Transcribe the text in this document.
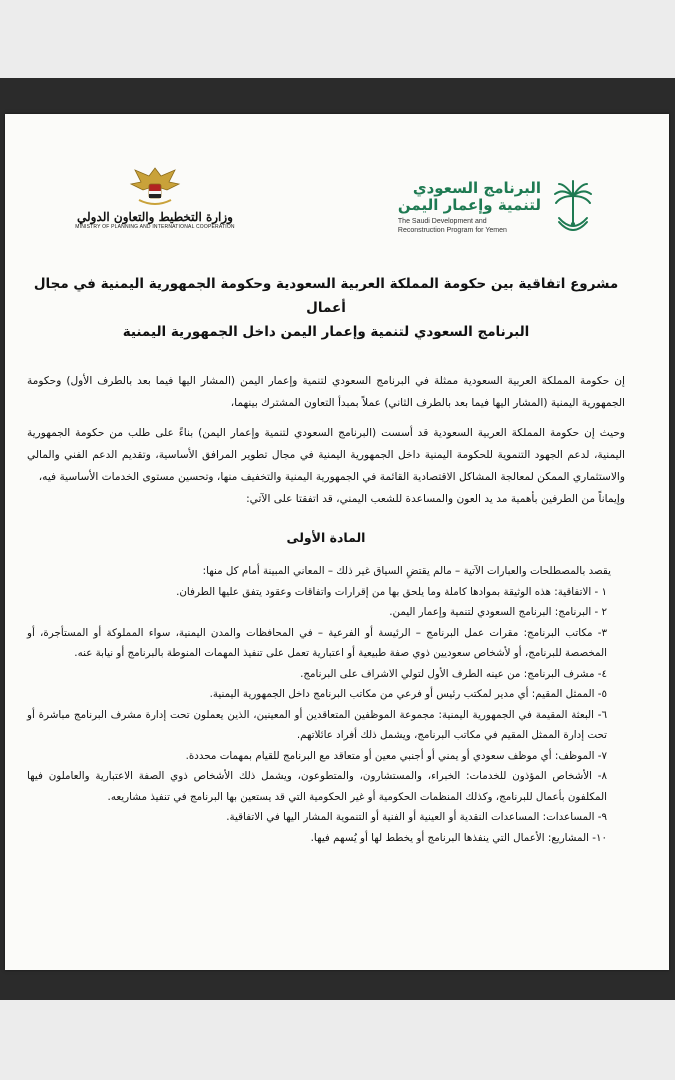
البرنامج السعودي
لتنمية وإعمار اليمن
The Saudi Development and
Reconstruction Program for Yemen
وزارة التخطيط والتعاون الدولي
MINISTRY OF PLANNING AND INTERNATIONAL COOPERATION

مشروع اتفاقية بين حكومة المملكة العربية السعودية وحكومة الجمهورية اليمنية في مجال أعمال

البرنامج السعودي لتنمية وإعمار اليمن داخل الجمهورية اليمنية

إن حكومة المملكة العربية السعودية ممثلة في البرنامج السعودي لتنمية وإعمار اليمن (المشار اليها فيما بعد بالطرف الأول) وحكومة الجمهورية اليمنية (المشار اليها فيما بعد بالطرف الثاني) عملاً بمبدأ التعاون المشترك بينهما،

وحيث إن حكومة المملكة العربية السعودية قد أسست (البرنامج السعودي لتنمية وإعمار اليمن) بناءً على طلب من حكومة الجمهورية اليمنية، لدعم الجهود التنموية للحكومة اليمنية داخل الجمهورية اليمنية في مجال تطوير المرافق الأساسية، وتقديم الدعم الفني والمالي والاستثماري الممكن لمعالجة المشاكل الاقتصادية القائمة في الجمهورية اليمنية والتخفيف منها، وتحسين مستوى الخدمات الأساسية فيه،

وإيماناً من الطرفين بأهمية مد يد العون والمساعدة للشعب اليمني، قد اتفقتا على الآتي:

المادة الأولى

يقصد بالمصطلحات والعبارات الآتية – مالم يقتضِ السياق غير ذلك – المعاني المبينة أمام كل منها:

١ - الاتفاقية: هذه الوثيقة بموادها كاملة وما يلحق بها من إقرارات واتفاقات وعقود يتفق عليها الطرفان.

٢ - البرنامج: البرنامج السعودي لتنمية وإعمار اليمن.

٣- مكاتب البرنامج: مقرات عمل البرنامج – الرئيسة أو الفرعية – في المحافظات والمدن اليمنية، سواء المملوكة أو المستأجرة، أو المخصصة للبرنامج، أو لأشخاص سعوديين ذوي صفة طبيعية أو اعتبارية تعمل على تنفيذ المهمات المنوطة بالبرنامج أو نيابة عنه.

٤- مشرف البرنامج: من عينه الطرف الأول لتولي الاشراف على البرنامج.

٥- الممثل المقيم: أي مدير لمكتب رئيس أو فرعي من مكاتب البرنامج داخل الجمهورية اليمنية.

٦- البعثة المقيمة في الجمهورية اليمنية: مجموعة الموظفين المتعاقدين أو المعينين، الذين يعملون تحت إدارة مشرف البرنامج مباشرة أو تحت إدارة الممثل المقيم في مكاتب البرنامج، ويشمل ذلك أفراد عائلاتهم.

٧- الموظف: أي موظف سعودي أو يمني أو أجنبي معين أو متعاقد مع البرنامج للقيام بمهمات محددة.

٨- الأشخاص المؤذون للخدمات: الخبراء، والمستشارون، والمتطوعون، ويشمل ذلك الأشخاص ذوي الصفة الاعتبارية والعاملون فيها المكلفون بأعمال للبرنامج، وكذلك المنظمات الحكومية أو غير الحكومية التي قد يستعين بها البرنامج في تنفيذ مشاريعه.

٩- المساعدات: المساعدات النقدية أو العينية أو الفنية أو التنموية المشار اليها في الاتفاقية.

١٠- المشاريع: الأعمال التي ينفذها البرنامج أو يخطط لها أو يُسهم فيها.
